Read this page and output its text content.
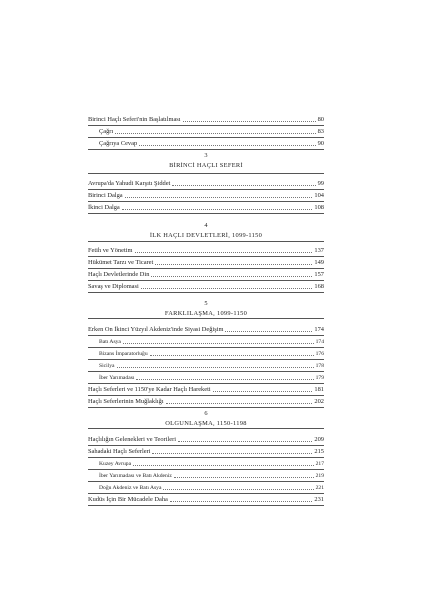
Birinci Haçlı Seferi'nin Başlatılması	80
Çağrı	83
Çağrıya Cevap	90
3
BİRİNCİ HAÇLI SEFERİ
Avrupa'da Yahudi Karşıtı Şiddet	99
Birinci Dalga	104
İkinci Dalga	108
4
İLK HAÇLI DEVLETLERİ, 1099-1150
Fetih ve Yönetim	137
Hükümet Tarzı ve Ticaret	149
Haçlı Devletlerinde Din	157
Savaş ve Diplomasi	168
5
FARKLILAŞMA, 1099-1150
Erken On İkinci Yüzyıl Akdeniz'inde Siyasi Değişim	174
Batı Asya	174
Bizans İmparatorluğu	176
Sicilya	178
İber Yarımadası	179
Haçlı Seferleri ve 1150'ye Kadar Haçlı Hareketi	181
Haçlı Seferlerinin Muğlaklığı	202
6
OLGUNLAŞMA, 1150-1198
Haçlılığın Gelenekleri ve Teorileri	209
Sahadaki Haçlı Seferleri	215
Kuzey Avrupa	217
İber Yarımadası ve Batı Akdeniz	219
Doğu Akdeniz ve Batı Asya	221
Kudüs İçin Bir Mücadele Daha	231
